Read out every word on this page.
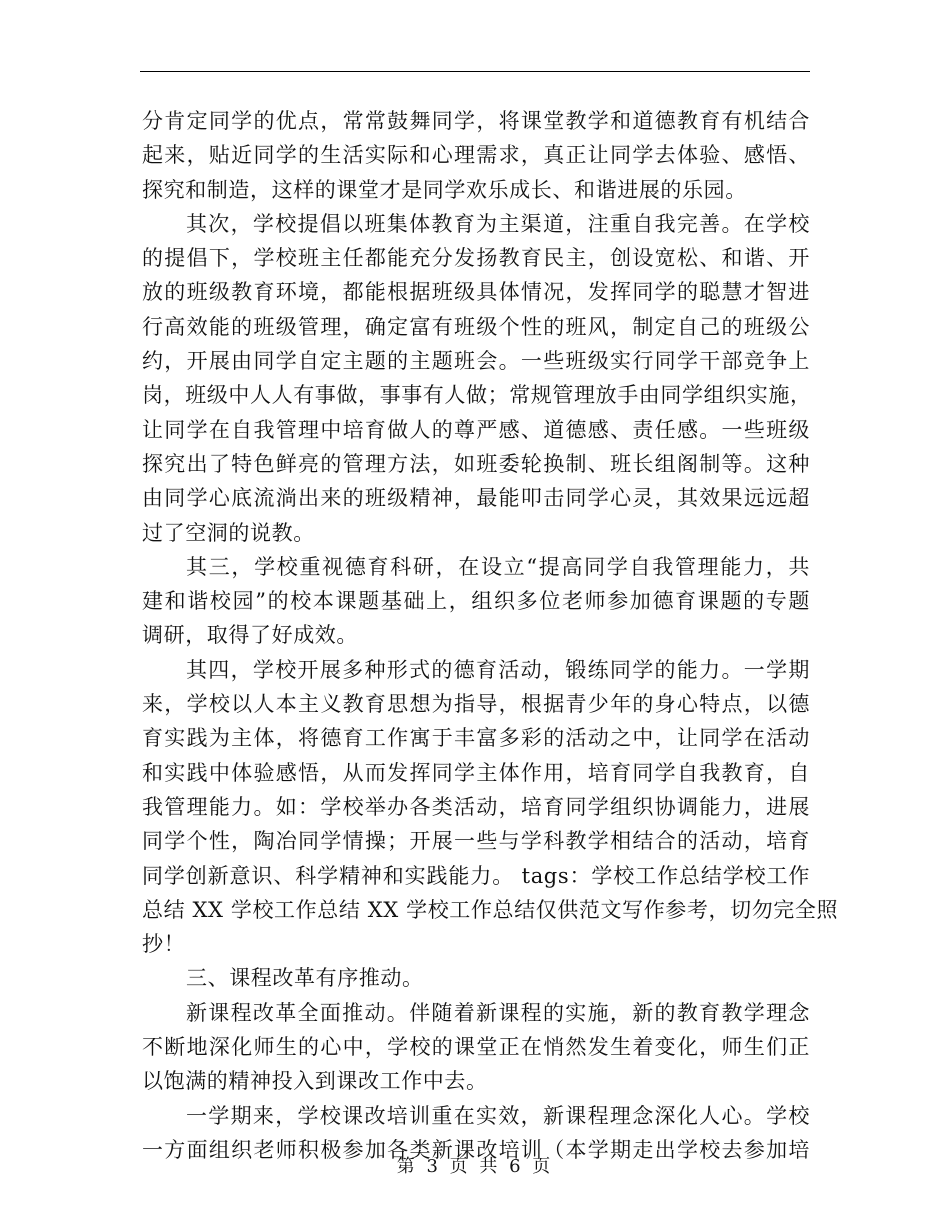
分肯定同学的优点，常常鼓舞同学，将课堂教学和道德教育有机结合
起来，贴近同学的生活实际和心理需求，真正让同学去体验、感悟、
探究和制造，这样的课堂才是同学欢乐成长、和谐进展的乐园。
其次，学校提倡以班集体教育为主渠道，注重自我完善。在学校
的提倡下，学校班主任都能充分发扬教育民主，创设宽松、和谐、开
放的班级教育环境，都能根据班级具体情况，发挥同学的聪慧才智进
行高效能的班级管理，确定富有班级个性的班风，制定自己的班级公
约，开展由同学自定主题的主题班会。一些班级实行同学干部竞争上
岗，班级中人人有事做，事事有人做；常规管理放手由同学组织实施，
让同学在自我管理中培育做人的尊严感、道德感、责任感。一些班级
探究出了特色鲜亮的管理方法，如班委轮换制、班长组阁制等。这种
由同学心底流淌出来的班级精神，最能叩击同学心灵，其效果远远超
过了空洞的说教。
其三，学校重视德育科研，在设立“提高同学自我管理能力，共
建和谐校园”的校本课题基础上，组织多位老师参加德育课题的专题
调研，取得了好成效。
其四，学校开展多种形式的德育活动，锻练同学的能力。一学期
来，学校以人本主义教育思想为指导，根据青少年的身心特点，以德
育实践为主体，将德育工作寓于丰富多彩的活动之中，让同学在活动
和实践中体验感悟，从而发挥同学主体作用，培育同学自我教育，自
我管理能力。如：学校举办各类活动，培育同学组织协调能力，进展
同学个性，陶冶同学情操；开展一些与学科教学相结合的活动，培育
同学创新意识、科学精神和实践能力。 tags：学校工作总结学校工作
总结 XX 学校工作总结 XX 学校工作总结仅供范文写作参考，切勿完全照
抄！
三、课程改革有序推动。
新课程改革全面推动。伴随着新课程的实施，新的教育教学理念
不断地深化师生的心中，学校的课堂正在悄然发生着变化，师生们正
以饱满的精神投入到课改工作中去。
一学期来，学校课改培训重在实效，新课程理念深化人心。学校
一方面组织老师积极参加各类新课改培训（本学期走出学校去参加培
第 3 页 共 6 页
